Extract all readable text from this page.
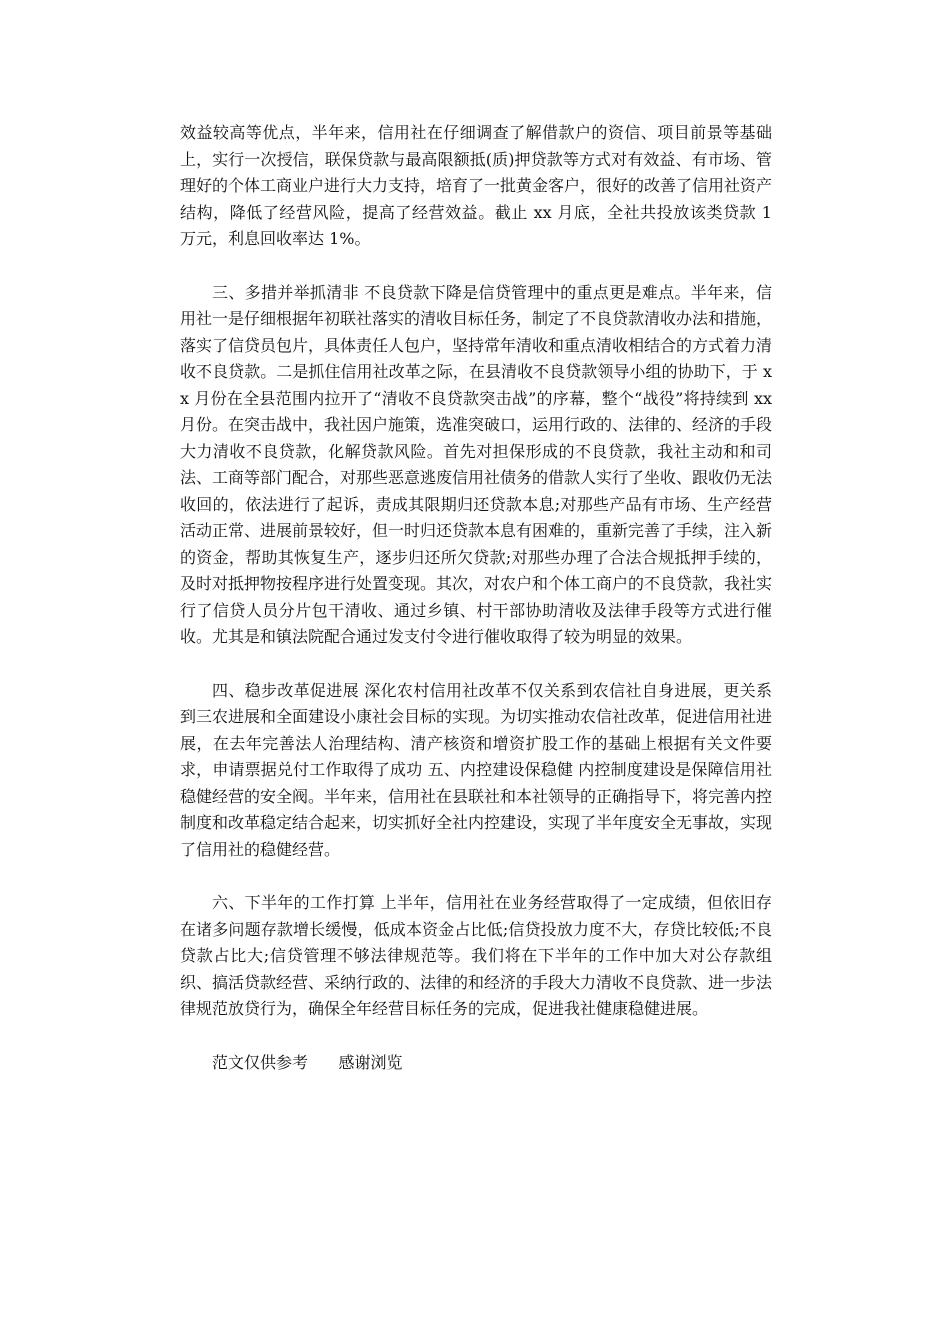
效益较高等优点，半年来，信用社在仔细调查了解借款户的资信、项目前景等基础上，实行一次授信，联保贷款与最高限额抵(质)押贷款等方式对有效益、有市场、管理好的个体工商业户进行大力支持，培育了一批黄金客户，很好的改善了信用社资产结构，降低了经营风险，提高了经营效益。截止 xx 月底，全社共投放该类贷款 1 万元，利息回收率达 1%。

三、多措并举抓清非 不良贷款下降是信贷管理中的重点更是难点。半年来，信用社一是仔细根据年初联社落实的清收目标任务，制定了不良贷款清收办法和措施，落实了信贷员包片，具体责任人包户，坚持常年清收和重点清收相结合的方式着力清收不良贷款。二是抓住信用社改革之际，在县清收不良贷款领导小组的协助下，于 xx 月份在全县范围内拉开了“清收不良贷款突击战”的序幕，整个“战役”将持续到 xx 月份。在突击战中，我社因户施策，选准突破口，运用行政的、法律的、经济的手段大力清收不良贷款，化解贷款风险。首先对担保形成的不良贷款，我社主动和和司法、工商等部门配合，对那些恶意逃废信用社债务的借款人实行了坐收、跟收仍无法收回的，依法进行了起诉，责成其限期归还贷款本息;对那些产品有市场、生产经营活动正常、进展前景较好，但一时归还贷款本息有困难的，重新完善了手续，注入新的资金，帮助其恢复生产，逐步归还所欠贷款;对那些办理了合法合规抵押手续的，及时对抵押物按程序进行处置变现。其次，对农户和个体工商户的不良贷款，我社实行了信贷人员分片包干清收、通过乡镇、村干部协助清收及法律手段等方式进行催收。尤其是和镇法院配合通过发支付令进行催收取得了较为明显的效果。

四、稳步改革促进展 深化农村信用社改革不仅关系到农信社自身进展，更关系到三农进展和全面建设小康社会目标的实现。为切实推动农信社改革，促进信用社进展，在去年完善法人治理结构、清产核资和增资扩股工作的基础上根据有关文件要求，申请票据兑付工作取得了成功 五、内控建设保稳健 内控制度建设是保障信用社稳健经营的安全阀。半年来，信用社在县联社和本社领导的正确指导下，将完善内控制度和改革稳定结合起来，切实抓好全社内控建设，实现了半年度安全无事故，实现了信用社的稳健经营。

六、下半年的工作打算 上半年，信用社在业务经营取得了一定成绩，但依旧存在诸多问题存款增长缓慢，低成本资金占比低;信贷投放力度不大，存贷比较低;不良贷款占比大;信贷管理不够法律规范等。我们将在下半年的工作中加大对公存款组织、搞活贷款经营、采纳行政的、法律的和经济的手段大力清收不良贷款、进一步法律规范放贷行为，确保全年经营目标任务的完成，促进我社健康稳健进展。

范文仅供参考      感谢浏览
